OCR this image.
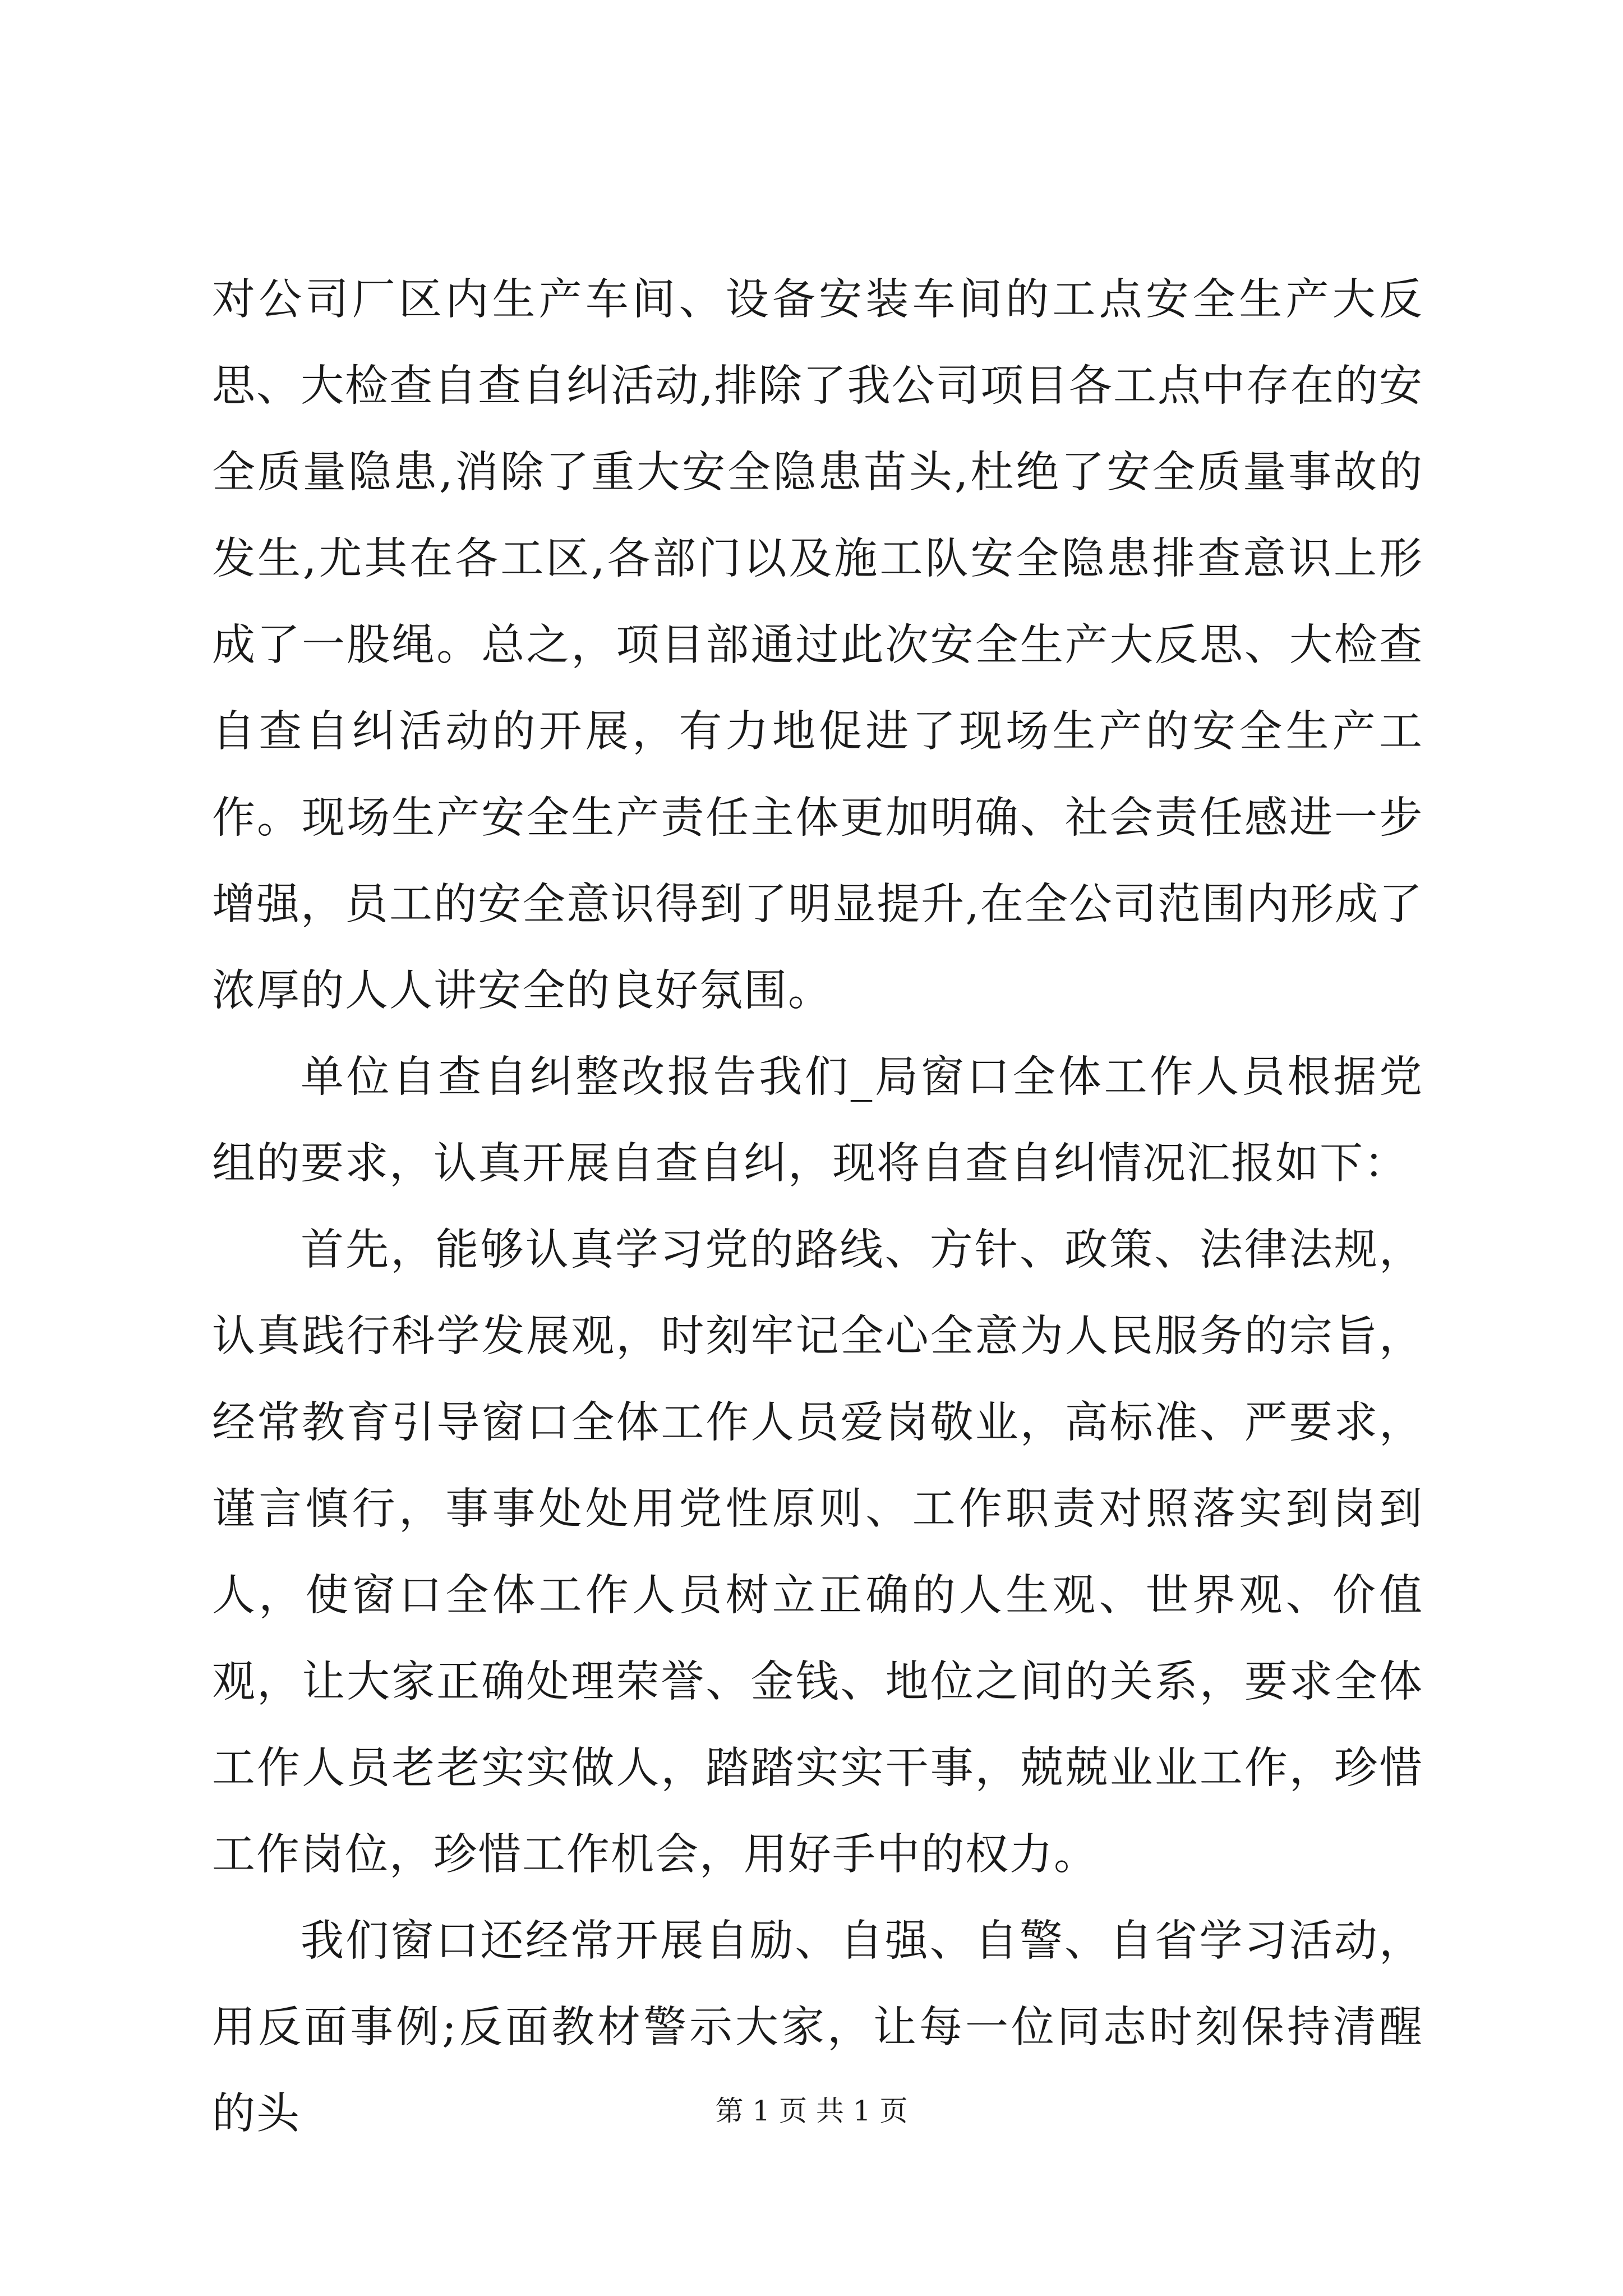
对公司厂区内生产车间、设备安装车间的工点安全生产大反思、大检查自查自纠活动,排除了我公司项目各工点中存在的安全质量隐患,消除了重大安全隐患苗头,杜绝了安全质量事故的发生,尤其在各工区,各部门以及施工队安全隐患排查意识上形成了一股绳。总之，项目部通过此次安全生产大反思、大检查自查自纠活动的开展，有力地促进了现场生产的安全生产工作。现场生产安全生产责任主体更加明确、社会责任感进一步增强，员工的安全意识得到了明显提升,在全公司范围内形成了浓厚的人人讲安全的良好氛围。

单位自查自纠整改报告我们_局窗口全体工作人员根据党组的要求，认真开展自查自纠，现将自查自纠情况汇报如下：

首先，能够认真学习党的路线、方针、政策、法律法规，认真践行科学发展观，时刻牢记全心全意为人民服务的宗旨，经常教育引导窗口全体工作人员爱岗敬业，高标准、严要求，谨言慎行，事事处处用党性原则、工作职责对照落实到岗到人，使窗口全体工作人员树立正确的人生观、世界观、价值观，让大家正确处理荣誉、金钱、地位之间的关系，要求全体工作人员老老实实做人，踏踏实实干事，兢兢业业工作，珍惜工作岗位，珍惜工作机会，用好手中的权力。

我们窗口还经常开展自励、自强、自警、自省学习活动，用反面事例;反面教材警示大家，让每一位同志时刻保持清醒的头	第 1 页 共 1 页
